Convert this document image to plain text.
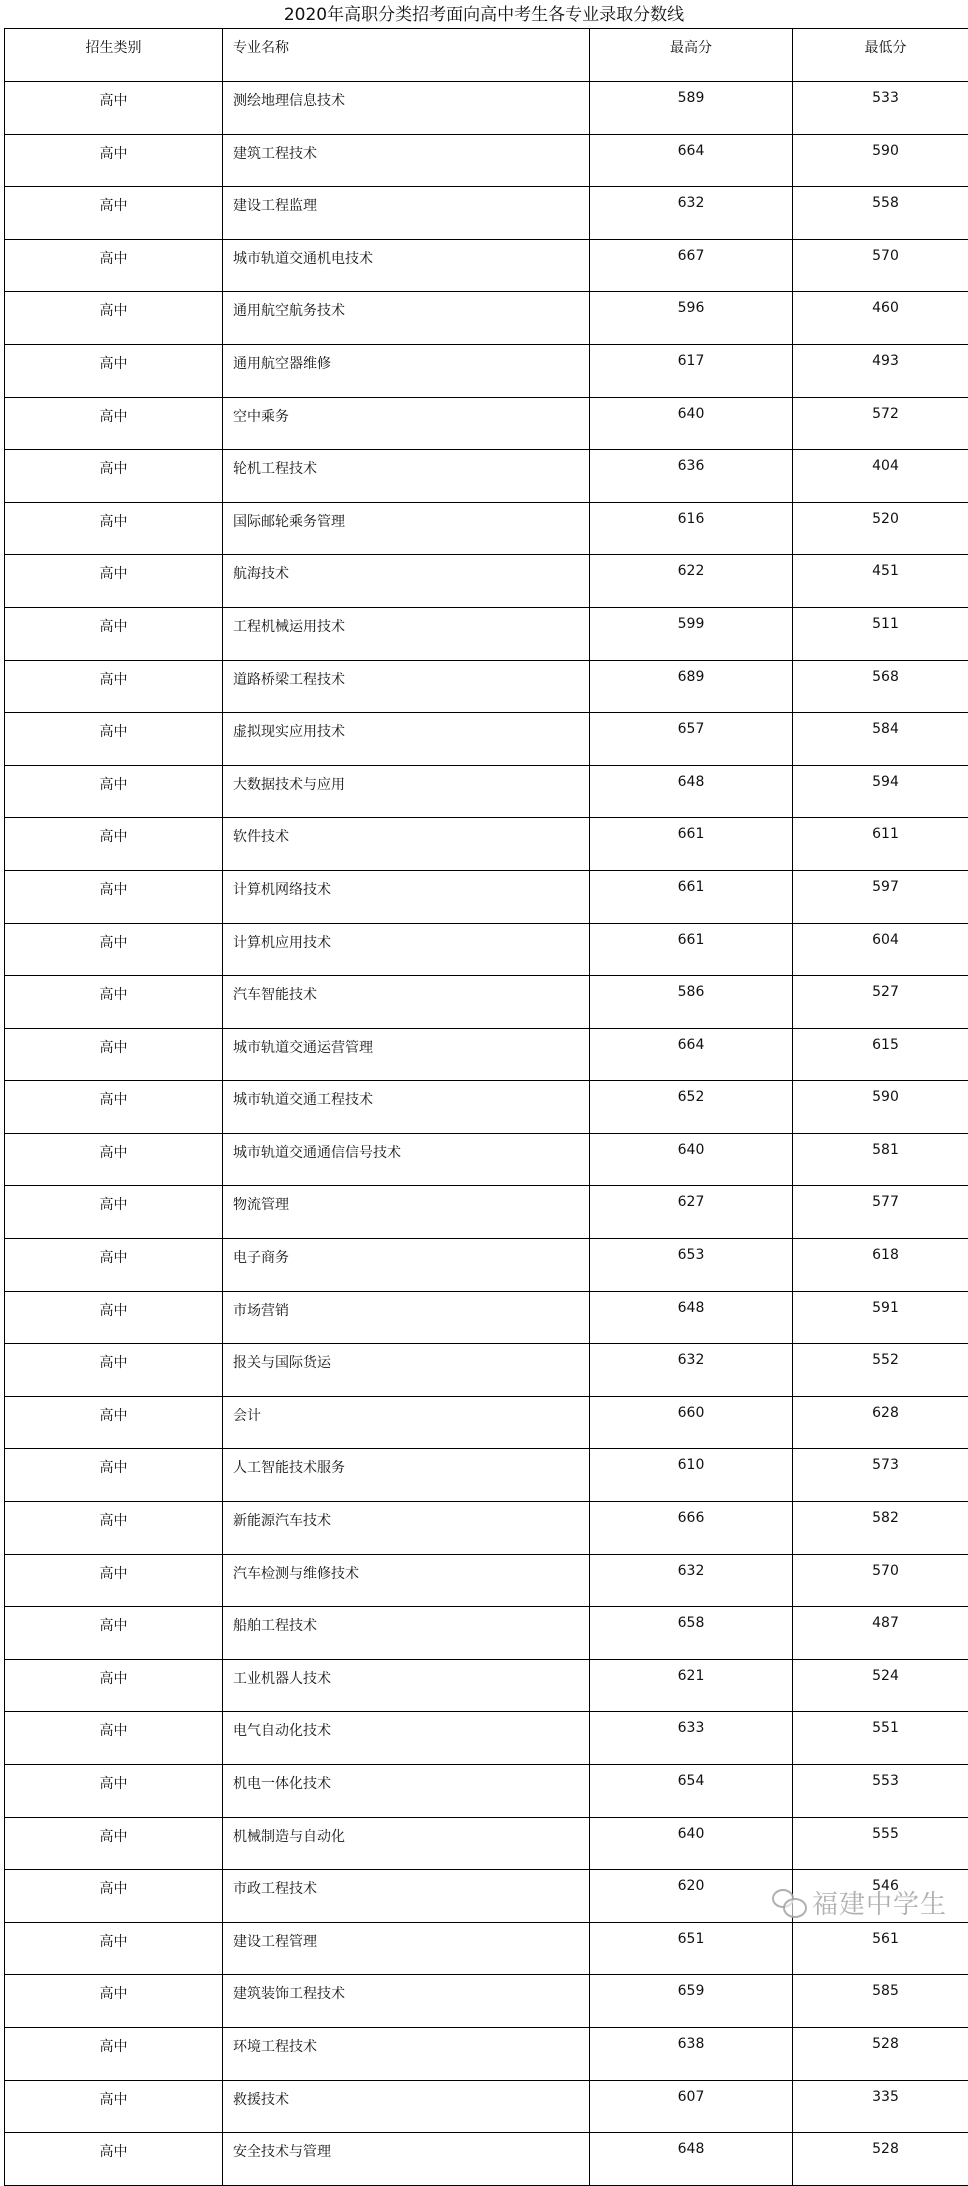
2020年高职分类招考面向高中考生各专业录取分数线
招生类别	专业名称	最高分	最低分
高中	测绘地理信息技术	589	533
高中	建筑工程技术	664	590
高中	建设工程监理	632	558
高中	城市轨道交通机电技术	667	570
高中	通用航空航务技术	596	460
高中	通用航空器维修	617	493
高中	空中乘务	640	572
高中	轮机工程技术	636	404
高中	国际邮轮乘务管理	616	520
高中	航海技术	622	451
高中	工程机械运用技术	599	511
高中	道路桥梁工程技术	689	568
高中	虚拟现实应用技术	657	584
高中	大数据技术与应用	648	594
高中	软件技术	661	611
高中	计算机网络技术	661	597
高中	计算机应用技术	661	604
高中	汽车智能技术	586	527
高中	城市轨道交通运营管理	664	615
高中	城市轨道交通工程技术	652	590
高中	城市轨道交通通信信号技术	640	581
高中	物流管理	627	577
高中	电子商务	653	618
高中	市场营销	648	591
高中	报关与国际货运	632	552
高中	会计	660	628
高中	人工智能技术服务	610	573
高中	新能源汽车技术	666	582
高中	汽车检测与维修技术	632	570
高中	船舶工程技术	658	487
高中	工业机器人技术	621	524
高中	电气自动化技术	633	551
高中	机电一体化技术	654	553
高中	机械制造与自动化	640	555
高中	市政工程技术	620	546
高中	建设工程管理	651	561
高中	建筑装饰工程技术	659	585
高中	环境工程技术	638	528
高中	救援技术	607	335
高中	安全技术与管理	648	528
福建中学生
